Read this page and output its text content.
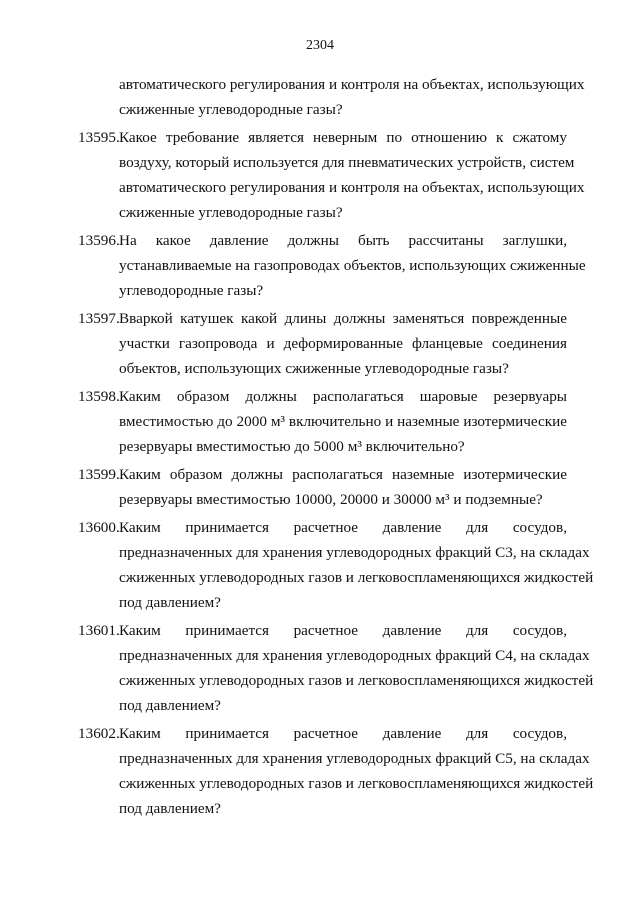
2304
автоматического регулирования и контроля на объектах, использующих
сжиженные углеводородные газы?
13595. Какое требование является неверным по отношению к сжатому
воздуху, который используется для пневматических устройств, систем
автоматического регулирования и контроля на объектах, использующих
сжиженные углеводородные газы?
13596. На какое давление должны быть рассчитаны заглушки,
устанавливаемые на газопроводах объектов, использующих сжиженные
углеводородные газы?
13597. Вваркой катушек какой длины должны заменяться поврежденные
участки газопровода и деформированные фланцевые соединения
объектов, использующих сжиженные углеводородные газы?
13598. Каким образом должны располагаться шаровые резервуары
вместимостью до 2000 м³ включительно и наземные изотермические
резервуары вместимостью до 5000 м³ включительно?
13599. Каким образом должны располагаться наземные изотермические
резервуары вместимостью 10000, 20000 и 30000 м³ и подземные?
13600. Каким принимается расчетное давление для сосудов,
предназначенных для хранения углеводородных фракций С3, на складах
сжиженных углеводородных газов и легковоспламеняющихся жидкостей
под давлением?
13601. Каким принимается расчетное давление для сосудов,
предназначенных для хранения углеводородных фракций С4, на складах
сжиженных углеводородных газов и легковоспламеняющихся жидкостей
под давлением?
13602. Каким принимается расчетное давление для сосудов,
предназначенных для хранения углеводородных фракций С5, на складах
сжиженных углеводородных газов и легковоспламеняющихся жидкостей
под давлением?
